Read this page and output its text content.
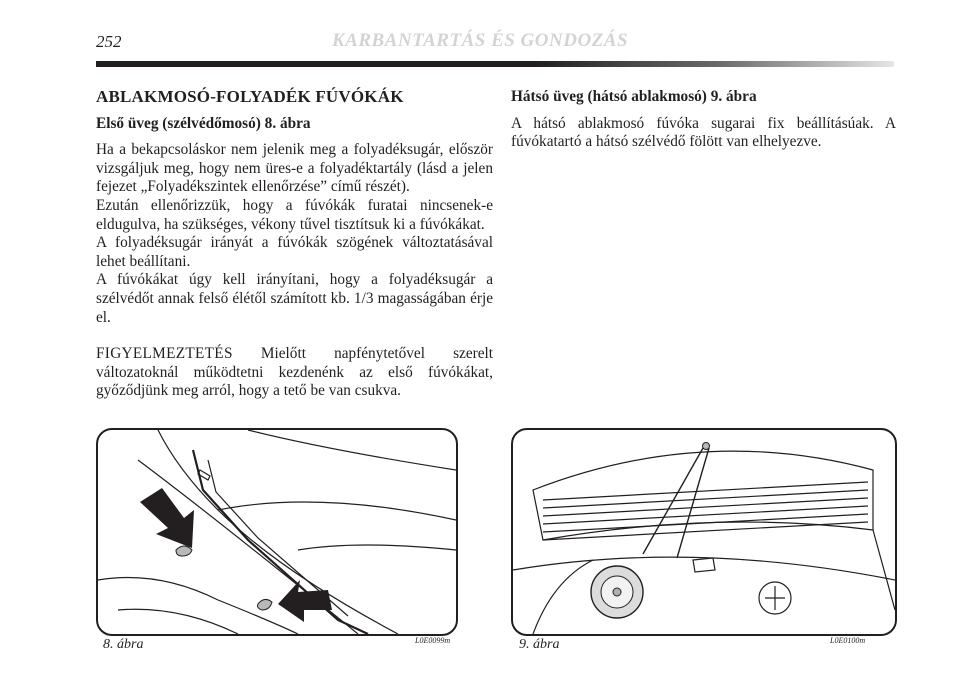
252	KARBANTARTÁS ÉS GONDOZÁS
ABLAKMOSÓ-FOLYADÉK FÚVÓKÁK
Első üveg (szélvédőmosó) 8. ábra

Ha a bekapcsoláskor nem jelenik meg a folyadéksugár, először vizsgáljuk meg, hogy nem üres-e a folyadéktartály (lásd a jelen fejezet „Folyadékszintek ellenőrzése” című részét).

Ezután ellenőrizzük, hogy a fúvókák furatai nincsenek-e eldugulva, ha szükséges, vékony tűvel tisztítsuk ki a fúvókákat.

A folyadéksugár irányát a fúvókák szögének változtatásával lehet beállítani.

A fúvókákat úgy kell irányítani, hogy a folyadéksugár a szélvédőt annak felső élétől számított kb. 1/3 magasságában érje el.

FIGYELMEZTETÉS Mielőtt napfénytetővel szerelt változatoknál működtetni kezdenénk az első fúvókákat, győződjünk meg arról, hogy a tető be van csukva.

Hátsó üveg (hátsó ablakmosó) 9. ábra

A hátsó ablakmosó fúvóka sugarai fix beállításúak. A fúvókatartó a hátsó szélvédő fölött van elhelyezve.

8. ábra	L0E0099m	9. ábra	L0E0100m
